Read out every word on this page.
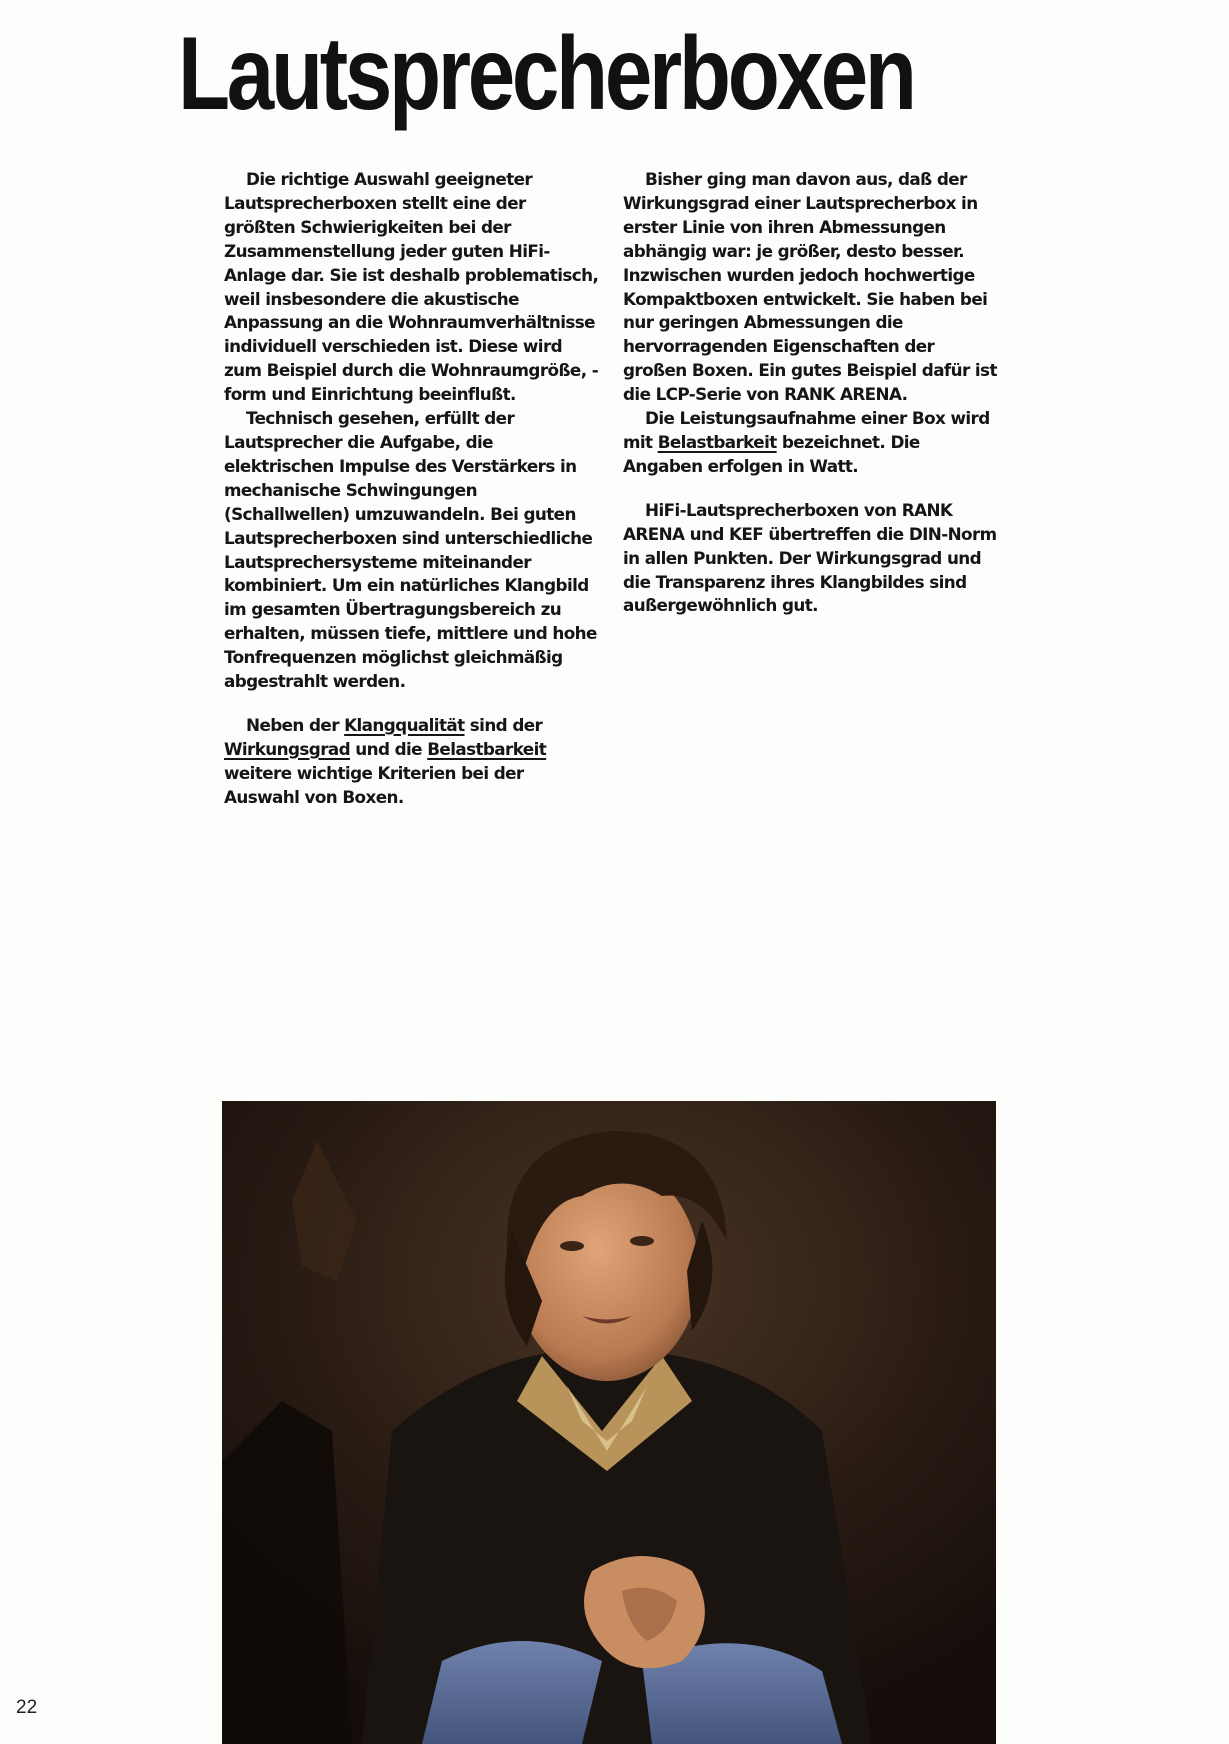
Lautsprecherboxen

Die richtige Auswahl geeigneter Lautsprecherboxen stellt eine der größten Schwierigkeiten bei der Zusammenstellung jeder guten HiFi-Anlage dar. Sie ist deshalb problematisch, weil insbesondere die akustische Anpassung an die Wohnraumverhältnisse individuell verschieden ist. Diese wird zum Beispiel durch die Wohnraumgröße, -form und Einrichtung beeinflußt.

Technisch gesehen, erfüllt der Lautsprecher die Aufgabe, die elektrischen Impulse des Verstärkers in mechanische Schwingungen (Schallwellen) umzuwandeln. Bei guten Lautsprecherboxen sind unterschiedliche Lautsprechersysteme miteinander kombiniert. Um ein natürliches Klangbild im gesamten Übertragungsbereich zu erhalten, müssen tiefe, mittlere und hohe Tonfrequenzen möglichst gleichmäßig abgestrahlt werden.

Neben der Klangqualität sind der Wirkungsgrad und die Belastbarkeit weitere wichtige Kriterien bei der Auswahl von Boxen.

Bisher ging man davon aus, daß der Wirkungsgrad einer Lautsprecherbox in erster Linie von ihren Abmessungen abhängig war: je größer, desto besser. Inzwischen wurden jedoch hochwertige Kompaktboxen entwickelt. Sie haben bei nur geringen Abmessungen die hervorragenden Eigenschaften der großen Boxen. Ein gutes Beispiel dafür ist die LCP-Serie von RANK ARENA.

Die Leistungsaufnahme einer Box wird mit Belastbarkeit bezeichnet. Die Angaben erfolgen in Watt.

HiFi-Lautsprecherboxen von RANK ARENA und KEF übertreffen die DIN-Norm in allen Punkten. Der Wirkungsgrad und die Transparenz ihres Klangbildes sind außergewöhnlich gut.

22
